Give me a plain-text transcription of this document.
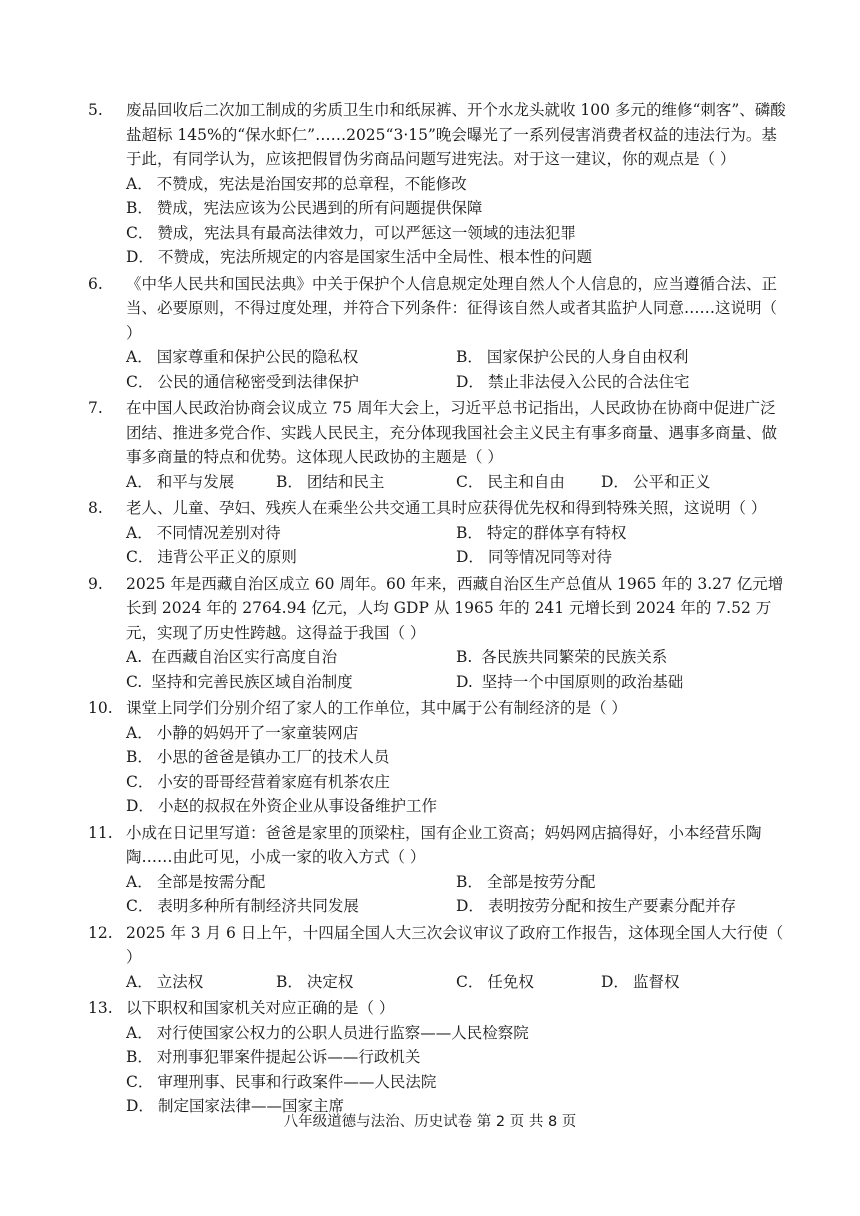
5. 废品回收后二次加工制成的劣质卫生巾和纸尿裤、开个水龙头就收 100 多元的维修“刺客”、磷酸盐超标 145%的“保水虾仁”……2025“3·15”晚会曝光了一系列侵害消费者权益的违法行为。基于此，有同学认为，应该把假冒伪劣商品问题写进宪法。对于这一建议，你的观点是（ ）

A． 不赞成，宪法是治国安邦的总章程，不能修改
B． 赞成，宪法应该为公民遇到的所有问题提供保障
C． 赞成，宪法具有最高法律效力，可以严惩这一领域的违法犯罪
D． 不赞成，宪法所规定的内容是国家生活中全局性、根本性的问题

6. 《中华人民共和国民法典》中关于保护个人信息规定处理自然人个人信息的，应当遵循合法、正当、必要原则，不得过度处理，并符合下列条件：征得该自然人或者其监护人同意……这说明（ ）

A． 国家尊重和保护公民的隐私权	B． 国家保护公民的人身自由权利
C． 公民的通信秘密受到法律保护	D． 禁止非法侵入公民的合法住宅

7. 在中国人民政治协商会议成立 75 周年大会上，习近平总书记指出，人民政协在协商中促进广泛团结、推进多党合作、实践人民民主，充分体现我国社会主义民主有事多商量、遇事多商量、做事多商量的特点和优势。这体现人民政协的主题是（ ）

A． 和平与发展	B． 团结和民主	C． 民主和自由	D． 公平和正义

8. 老人、儿童、孕妇、残疾人在乘坐公共交通工具时应获得优先权和得到特殊关照，这说明（ ）

A． 不同情况差别对待	B． 特定的群体享有特权
C． 违背公平正义的原则	D． 同等情况同等对待

9. 2025 年是西藏自治区成立 60 周年。60 年来，西藏自治区生产总值从 1965 年的 3.27 亿元增长到 2024 年的 2764.94 亿元，人均 GDP 从 1965 年的 241 元增长到 2024 年的 7.52 万元，实现了历史性跨越。这得益于我国（ ）

A. 在西藏自治区实行高度自治	B. 各民族共同繁荣的民族关系
C. 坚持和完善民族区域自治制度	D. 坚持一个中国原则的政治基础

10. 课堂上同学们分别介绍了家人的工作单位，其中属于公有制经济的是（ ）

A． 小静的妈妈开了一家童装网店
B． 小思的爸爸是镇办工厂的技术人员
C． 小安的哥哥经营着家庭有机茶农庄
D． 小赵的叔叔在外资企业从事设备维护工作

11. 小成在日记里写道：爸爸是家里的顶梁柱，国有企业工资高；妈妈网店搞得好，小本经营乐陶陶……由此可见，小成一家的收入方式（ ）

A． 全部是按需分配	B． 全部是按劳分配
C． 表明多种所有制经济共同发展	D． 表明按劳分配和按生产要素分配并存

12. 2025 年 3 月 6 日上午，十四届全国人大三次会议审议了政府工作报告，这体现全国人大行使（ ）

A． 立法权	B． 决定权	C． 任免权	D． 监督权

13. 以下职权和国家机关对应正确的是（ ）

A． 对行使国家公权力的公职人员进行监察——人民检察院
B． 对刑事犯罪案件提起公诉——行政机关
C． 审理刑事、民事和行政案件——人民法院
D． 制定国家法律——国家主席
八年级道德与法治、历史试卷 第 2 页 共 8 页
